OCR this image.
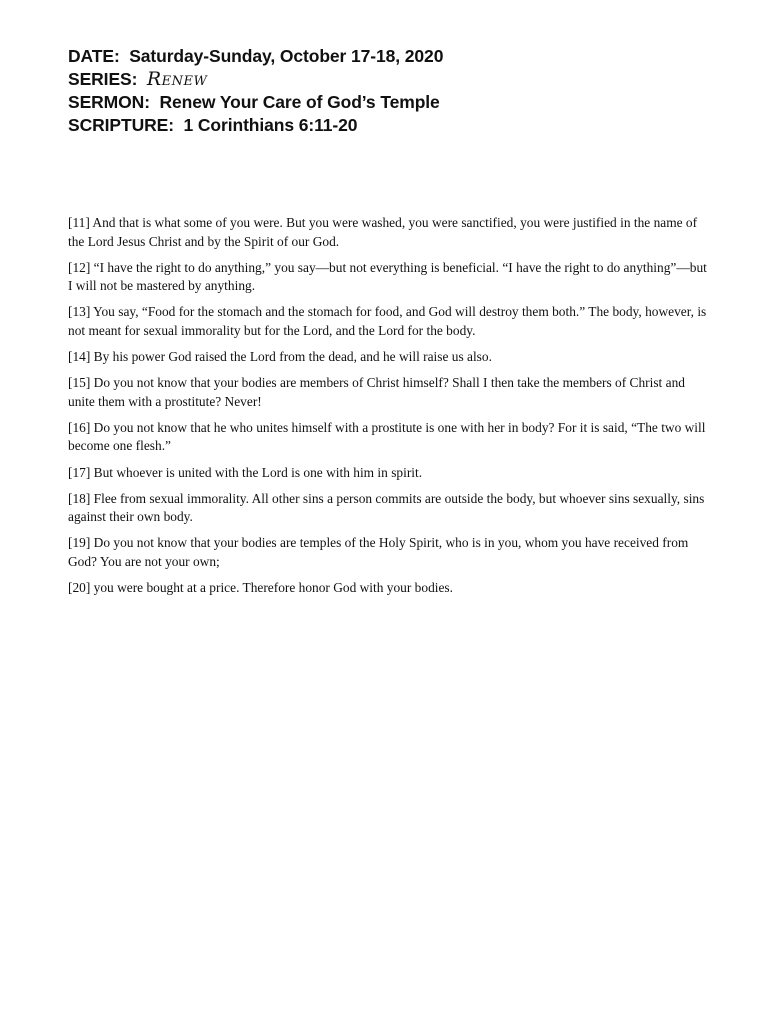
DATE: Saturday-Sunday, October 17-18, 2020
SERIES: Renew
SERMON: Renew Your Care of God’s Temple
SCRIPTURE: 1 Corinthians 6:11-20

[11] And that is what some of you were. But you were washed, you were sanctified, you were justified in the name of the Lord Jesus Christ and by the Spirit of our God.

[12] “I have the right to do anything,” you say—but not everything is beneficial. “I have the right to do anything”—but I will not be mastered by anything.

[13] You say, “Food for the stomach and the stomach for food, and God will destroy them both.” The body, however, is not meant for sexual immorality but for the Lord, and the Lord for the body.

[14] By his power God raised the Lord from the dead, and he will raise us also.

[15] Do you not know that your bodies are members of Christ himself? Shall I then take the members of Christ and unite them with a prostitute? Never!

[16] Do you not know that he who unites himself with a prostitute is one with her in body? For it is said, “The two will become one flesh.”

[17] But whoever is united with the Lord is one with him in spirit.

[18] Flee from sexual immorality. All other sins a person commits are outside the body, but whoever sins sexually, sins against their own body.

[19] Do you not know that your bodies are temples of the Holy Spirit, who is in you, whom you have received from God? You are not your own;

[20] you were bought at a price. Therefore honor God with your bodies.
